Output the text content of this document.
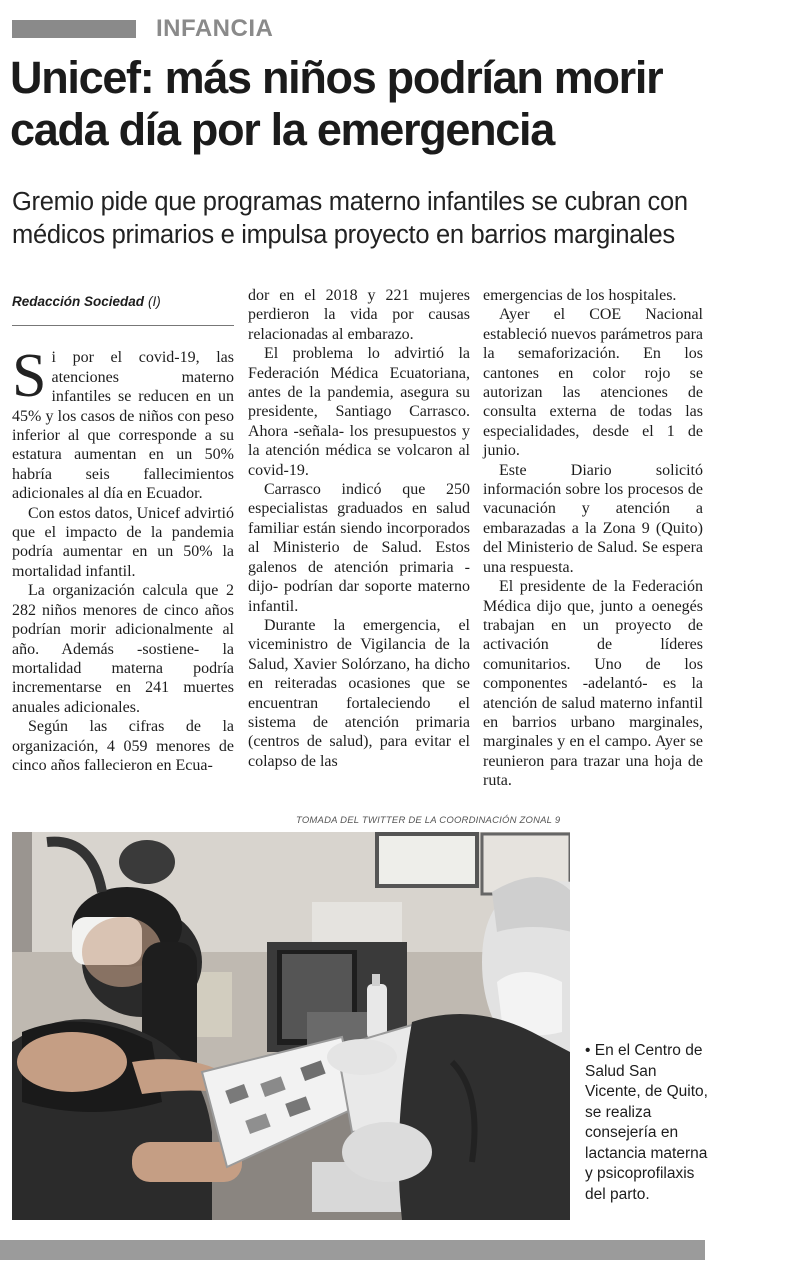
INFANCIA
Unicef: más niños podrían morir
cada día por la emergencia
Gremio pide que programas materno infantiles se cubran con
médicos primarios e impulsa proyecto en barrios marginales
Redacción Sociedad (I)

Si por el covid-19, las atenciones materno infantiles se reducen en un 45% y los casos de niños con peso inferior al que corresponde a su estatura aumentan en un 50% habría seis fallecimientos adicionales al día en Ecuador.

Con estos datos, Unicef advirtió que el impacto de la pandemia podría aumentar en un 50% la mortalidad infantil.

La organización calcula que 2 282 niños menores de cinco años podrían morir adicionalmente al año. Además -sostiene- la mortalidad materna podría incrementarse en 241 muertes anuales adicionales.

Según las cifras de la organización, 4 059 menores de cinco años fallecieron en Ecua-

dor en el 2018 y 221 mujeres perdieron la vida por causas relacionadas al embarazo.

El problema lo advirtió la Federación Médica Ecuatoriana, antes de la pandemia, asegura su presidente, Santiago Carrasco. Ahora -señala- los presupuestos y la atención médica se volcaron al covid-19.

Carrasco indicó que 250 especialistas graduados en salud familiar están siendo incorporados al Ministerio de Salud. Estos galenos de atención primaria -dijo- podrían dar soporte materno infantil.

Durante la emergencia, el viceministro de Vigilancia de la Salud, Xavier Solórzano, ha dicho en reiteradas ocasiones que se encuentran fortaleciendo el sistema de atención primaria (centros de salud), para evitar el colapso de las

emergencias de los hospitales.

Ayer el COE Nacional estableció nuevos parámetros para la semaforización. En los cantones en color rojo se autorizan las atenciones de consulta externa de todas las especialidades, desde el 1 de junio.

Este Diario solicitó información sobre los procesos de vacunación y atención a embarazadas a la Zona 9 (Quito) del Ministerio de Salud. Se espera una respuesta.

El presidente de la Federación Médica dijo que, junto a oenegés trabajan en un proyecto de activación de líderes comunitarios. Uno de los componentes -adelantó- es la atención de salud materno infantil en barrios urbano marginales, marginales y en el campo. Ayer se reunieron para trazar una hoja de ruta.

TOMADA DEL TWITTER DE LA COORDINACIÓN ZONAL 9
• En el Centro de Salud San Vicente, de Quito, se realiza consejería en lactancia materna y psicoprofilaxis del parto.
